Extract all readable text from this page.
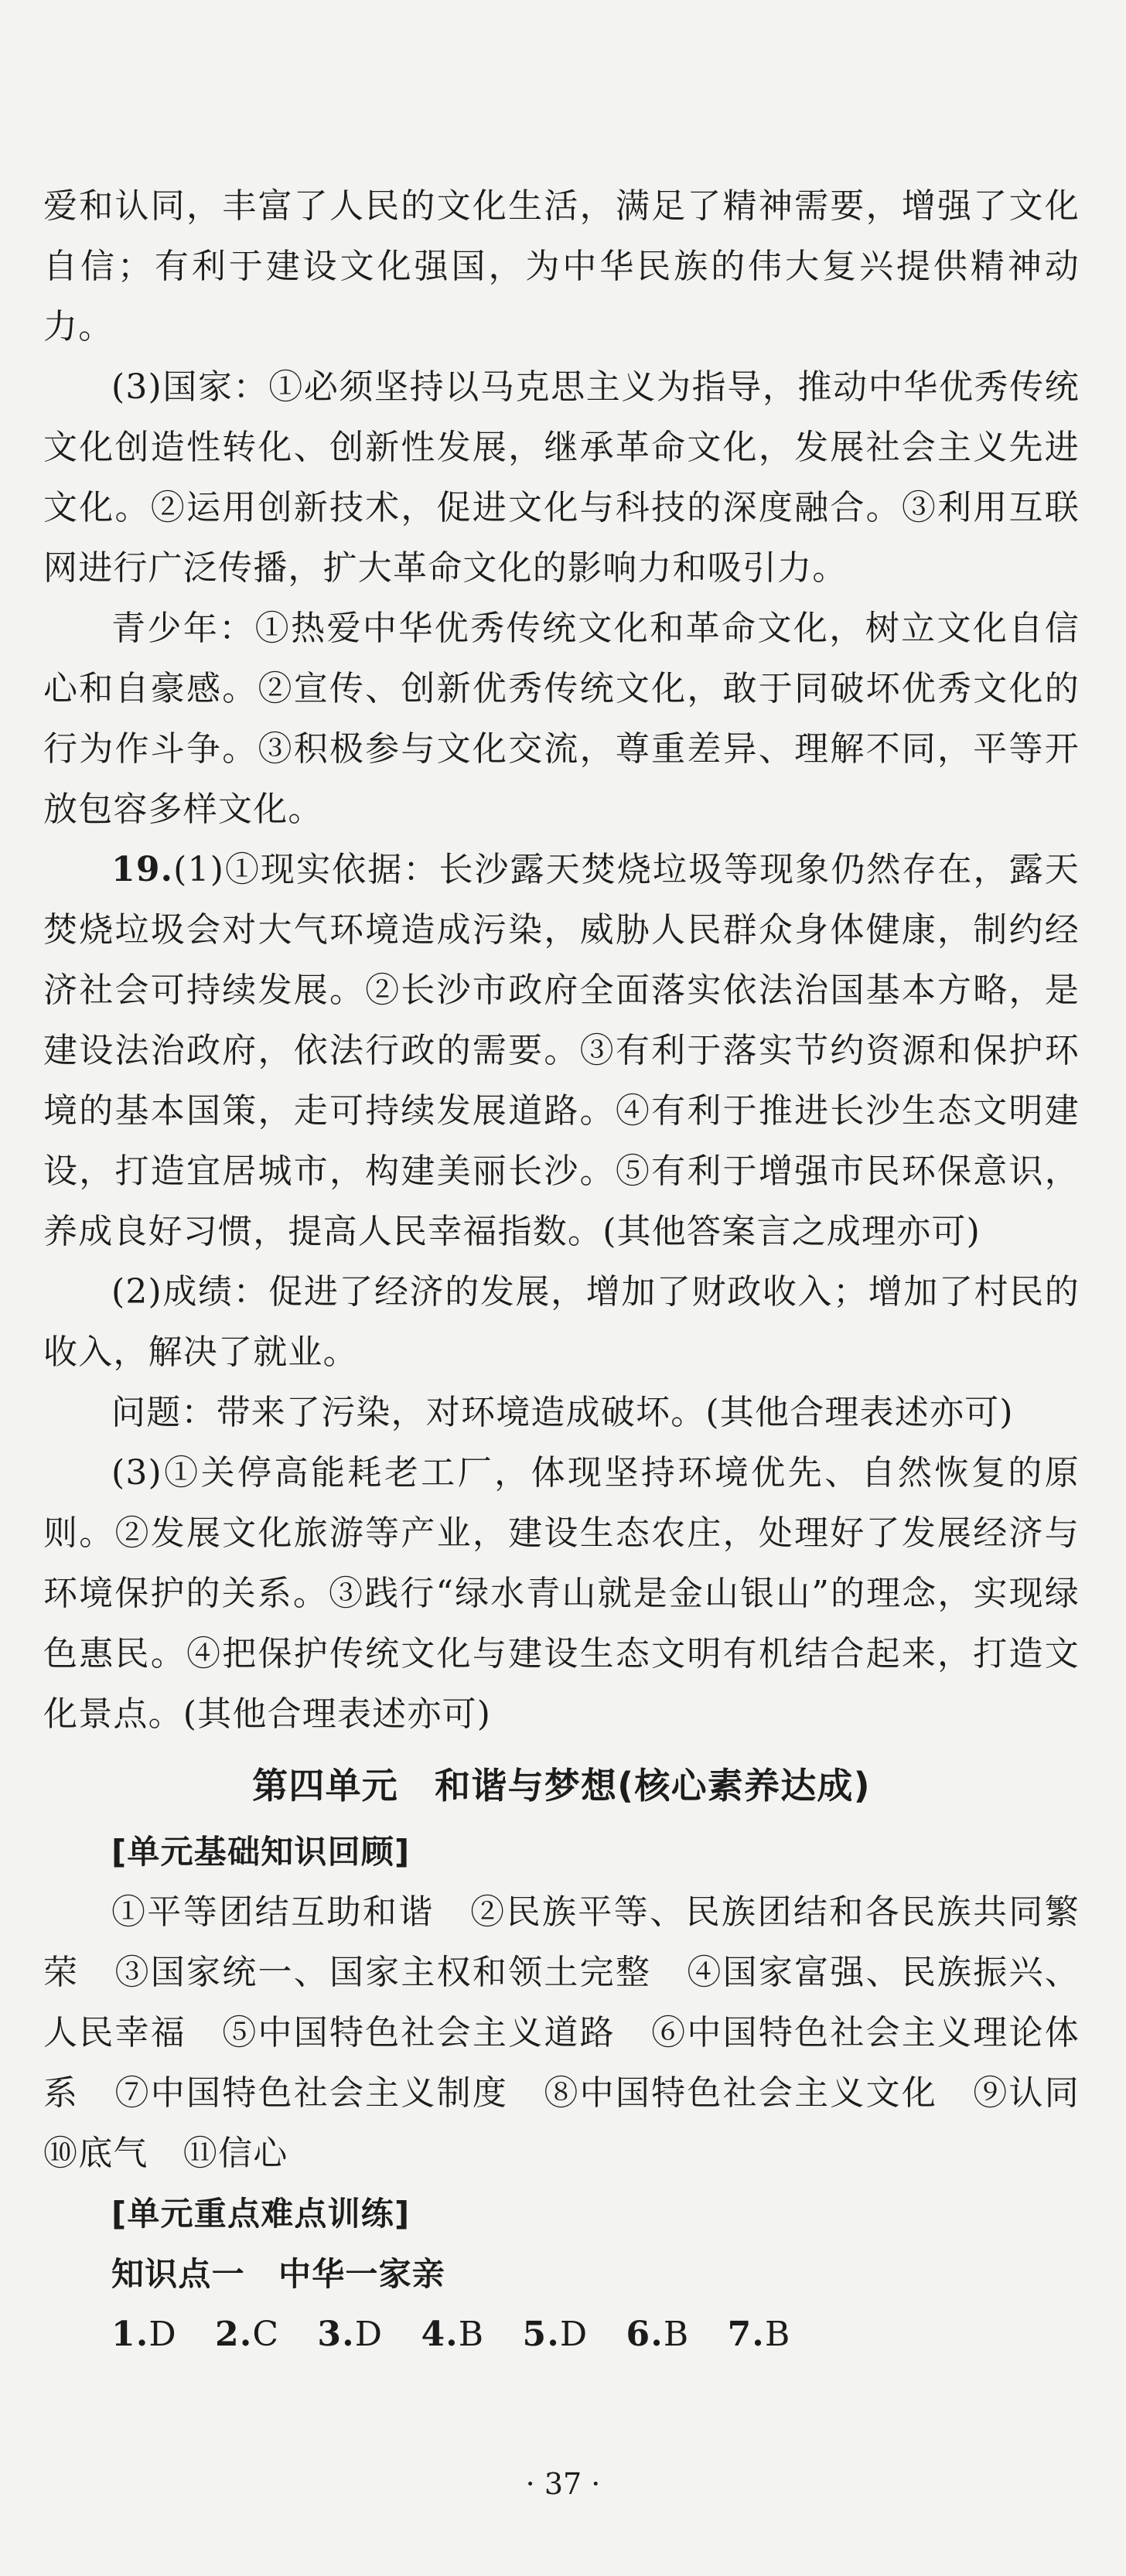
爱和认同，丰富了人民的文化生活，满足了精神需要，增强了文化自信；有利于建设文化强国，为中华民族的伟大复兴提供精神动力。

(3)国家：①必须坚持以马克思主义为指导，推动中华优秀传统文化创造性转化、创新性发展，继承革命文化，发展社会主义先进文化。②运用创新技术，促进文化与科技的深度融合。③利用互联网进行广泛传播，扩大革命文化的影响力和吸引力。

青少年：①热爱中华优秀传统文化和革命文化，树立文化自信心和自豪感。②宣传、创新优秀传统文化，敢于同破坏优秀文化的行为作斗争。③积极参与文化交流，尊重差异、理解不同，平等开放包容多样文化。

19.(1)①现实依据：长沙露天焚烧垃圾等现象仍然存在，露天焚烧垃圾会对大气环境造成污染，威胁人民群众身体健康，制约经济社会可持续发展。②长沙市政府全面落实依法治国基本方略，是建设法治政府，依法行政的需要。③有利于落实节约资源和保护环境的基本国策，走可持续发展道路。④有利于推进长沙生态文明建设，打造宜居城市，构建美丽长沙。⑤有利于增强市民环保意识，养成良好习惯，提高人民幸福指数。(其他答案言之成理亦可)

(2)成绩：促进了经济的发展，增加了财政收入；增加了村民的收入，解决了就业。

问题：带来了污染，对环境造成破坏。(其他合理表述亦可)

(3)①关停高能耗老工厂，体现坚持环境优先、自然恢复的原则。②发展文化旅游等产业，建设生态农庄，处理好了发展经济与环境保护的关系。③践行“绿水青山就是金山银山”的理念，实现绿色惠民。④把保护传统文化与建设生态文明有机结合起来，打造文化景点。(其他合理表述亦可)

第四单元　和谐与梦想(核心素养达成)
[单元基础知识回顾]

①平等团结互助和谐　②民族平等、民族团结和各民族共同繁荣　③国家统一、国家主权和领土完整　④国家富强、民族振兴、人民幸福　⑤中国特色社会主义道路　⑥中国特色社会主义理论体系　⑦中国特色社会主义制度　⑧中国特色社会主义文化　⑨认同　⑩底气　⑪信心

[单元重点难点训练]
知识点一　中华一家亲
1.D 2.C 3.D 4.B 5.D 6.B 7.B
· 37 ·
